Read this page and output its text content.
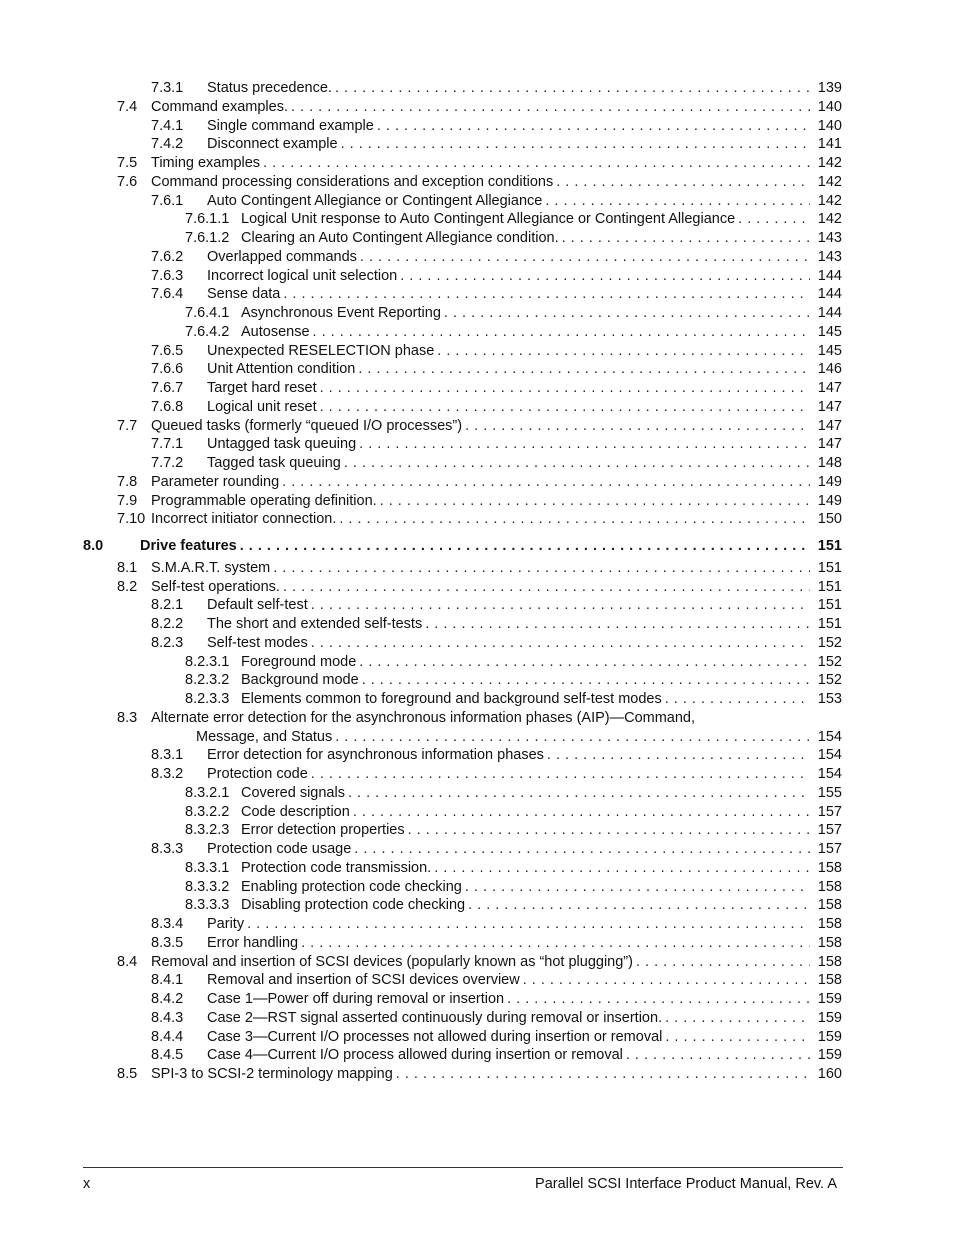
7.3.1	Status precedence. . . .	139
7.4 Command examples. . . .	140
7.4.1	Single command example . . .	140
7.4.2	Disconnect example . . .	141
7.5 Timing examples . . .	142
7.6 Command processing considerations and exception conditions . . .	142
7.6.1	Auto Contingent Allegiance or Contingent Allegiance . . .	142
7.6.1.1 Logical Unit response to Auto Contingent Allegiance or Contingent Allegiance . . .	142
7.6.1.2 Clearing an Auto Contingent Allegiance condition. . . .	143
7.6.2	Overlapped commands . . .	143
7.6.3	Incorrect logical unit selection . . .	144
7.6.4	Sense data . . .	144
7.6.4.1 Asynchronous Event Reporting . . .	144
7.6.4.2 Autosense . . .	145
7.6.5	Unexpected RESELECTION phase . . .	145
7.6.6	Unit Attention condition . . .	146
7.6.7	Target hard reset . . .	147
7.6.8	Logical unit reset . . .	147
7.7 Queued tasks (formerly “queued I/O processes”) . . .	147
7.7.1	Untagged task queuing . . .	147
7.7.2	Tagged task queuing . . .	148
7.8 Parameter rounding . . .	149
7.9 Programmable operating definition. . . .	149
7.10 Incorrect initiator connection. . . .	150
8.0	Drive features . . .	151
8.1 S.M.A.R.T. system . . .	151
8.2 Self-test operations. . . .	151
8.2.1	Default self-test . . .	151
8.2.2	The short and extended self-tests . . .	151
8.2.3	Self-test modes . . .	152
8.2.3.1 Foreground mode . . .	152
8.2.3.2 Background mode . . .	152
8.2.3.3 Elements common to foreground and background self-test modes . . .	153
8.3 Alternate error detection for the asynchronous information phases (AIP)—Command,
Message, and Status . . .	154
8.3.1	Error detection for asynchronous information phases . . .	154
8.3.2	Protection code . . .	154
8.3.2.1 Covered signals . . .	155
8.3.2.2 Code description . . .	157
8.3.2.3 Error detection properties . . .	157
8.3.3	Protection code usage . . .	157
8.3.3.1 Protection code transmission. . . .	158
8.3.3.2 Enabling protection code checking . . .	158
8.3.3.3 Disabling protection code checking . . .	158
8.3.4	Parity . . .	158
8.3.5	Error handling . . .	158
8.4 Removal and insertion of SCSI devices (popularly known as “hot plugging”) . . .	158
8.4.1	Removal and insertion of SCSI devices overview . . .	158
8.4.2	Case 1—Power off during removal or insertion . . .	159
8.4.3	Case 2—RST signal asserted continuously during removal or insertion. . . .	159
8.4.4	Case 3—Current I/O processes not allowed during insertion or removal . . .	159
8.4.5	Case 4—Current I/O process allowed during insertion or removal . . .	159
8.5 SPI-3 to SCSI-2 terminology mapping . . .	160
x	Parallel SCSI Interface Product Manual, Rev. A
